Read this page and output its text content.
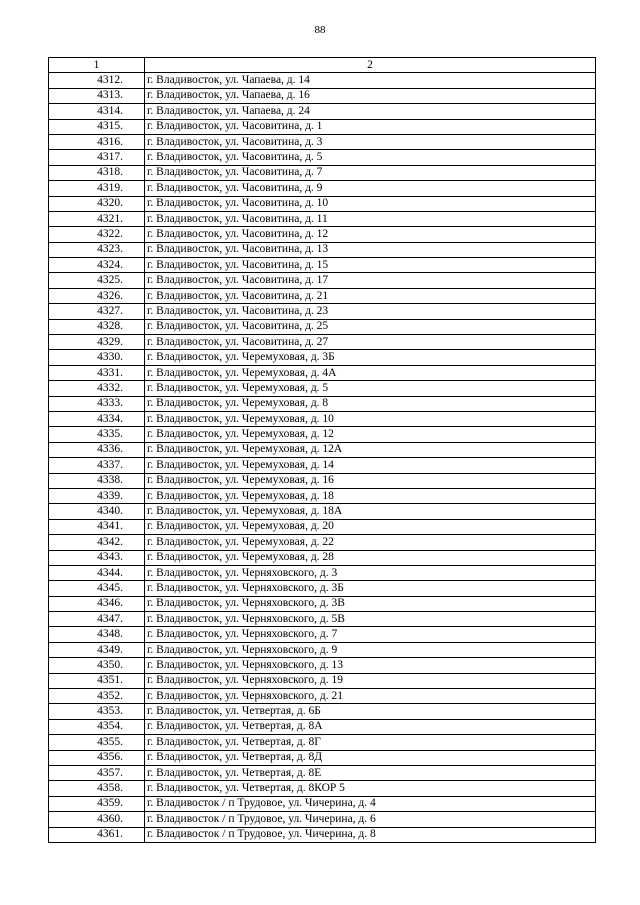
88
1	2
4312.	г. Владивосток, ул. Чапаева, д. 14
4313.	г. Владивосток, ул. Чапаева, д. 16
4314.	г. Владивосток, ул. Чапаева, д. 24
4315.	г. Владивосток, ул. Часовитина, д. 1
4316.	г. Владивосток, ул. Часовитина, д. 3
4317.	г. Владивосток, ул. Часовитина, д. 5
4318.	г. Владивосток, ул. Часовитина, д. 7
4319.	г. Владивосток, ул. Часовитина, д. 9
4320.	г. Владивосток, ул. Часовитина, д. 10
4321.	г. Владивосток, ул. Часовитина, д. 11
4322.	г. Владивосток, ул. Часовитина, д. 12
4323.	г. Владивосток, ул. Часовитина, д. 13
4324.	г. Владивосток, ул. Часовитина, д. 15
4325.	г. Владивосток, ул. Часовитина, д. 17
4326.	г. Владивосток, ул. Часовитина, д. 21
4327.	г. Владивосток, ул. Часовитина, д. 23
4328.	г. Владивосток, ул. Часовитина, д. 25
4329.	г. Владивосток, ул. Часовитина, д. 27
4330.	г. Владивосток, ул. Черемуховая, д. 3Б
4331.	г. Владивосток, ул. Черемуховая, д. 4А
4332.	г. Владивосток, ул. Черемуховая, д. 5
4333.	г. Владивосток, ул. Черемуховая, д. 8
4334.	г. Владивосток, ул. Черемуховая, д. 10
4335.	г. Владивосток, ул. Черемуховая, д. 12
4336.	г. Владивосток, ул. Черемуховая, д. 12А
4337.	г. Владивосток, ул. Черемуховая, д. 14
4338.	г. Владивосток, ул. Черемуховая, д. 16
4339.	г. Владивосток, ул. Черемуховая, д. 18
4340.	г. Владивосток, ул. Черемуховая, д. 18А
4341.	г. Владивосток, ул. Черемуховая, д. 20
4342.	г. Владивосток, ул. Черемуховая, д. 22
4343.	г. Владивосток, ул. Черемуховая, д. 28
4344.	г. Владивосток, ул. Черняховского, д. 3
4345.	г. Владивосток, ул. Черняховского, д. 3Б
4346.	г. Владивосток, ул. Черняховского, д. 3В
4347.	г. Владивосток, ул. Черняховского, д. 5В
4348.	г. Владивосток, ул. Черняховского, д. 7
4349.	г. Владивосток, ул. Черняховского, д. 9
4350.	г. Владивосток, ул. Черняховского, д. 13
4351.	г. Владивосток, ул. Черняховского, д. 19
4352.	г. Владивосток, ул. Черняховского, д. 21
4353.	г. Владивосток, ул. Четвертая, д. 6Б
4354.	г. Владивосток, ул. Четвертая, д. 8А
4355.	г. Владивосток, ул. Четвертая, д. 8Г
4356.	г. Владивосток, ул. Четвертая, д. 8Д
4357.	г. Владивосток, ул. Четвертая, д. 8Е
4358.	г. Владивосток, ул. Четвертая, д. 8КОР 5
4359.	г. Владивосток / п Трудовое, ул. Чичерина, д. 4
4360.	г. Владивосток / п Трудовое, ул. Чичерина, д. 6
4361.	г. Владивосток / п Трудовое, ул. Чичерина, д. 8
